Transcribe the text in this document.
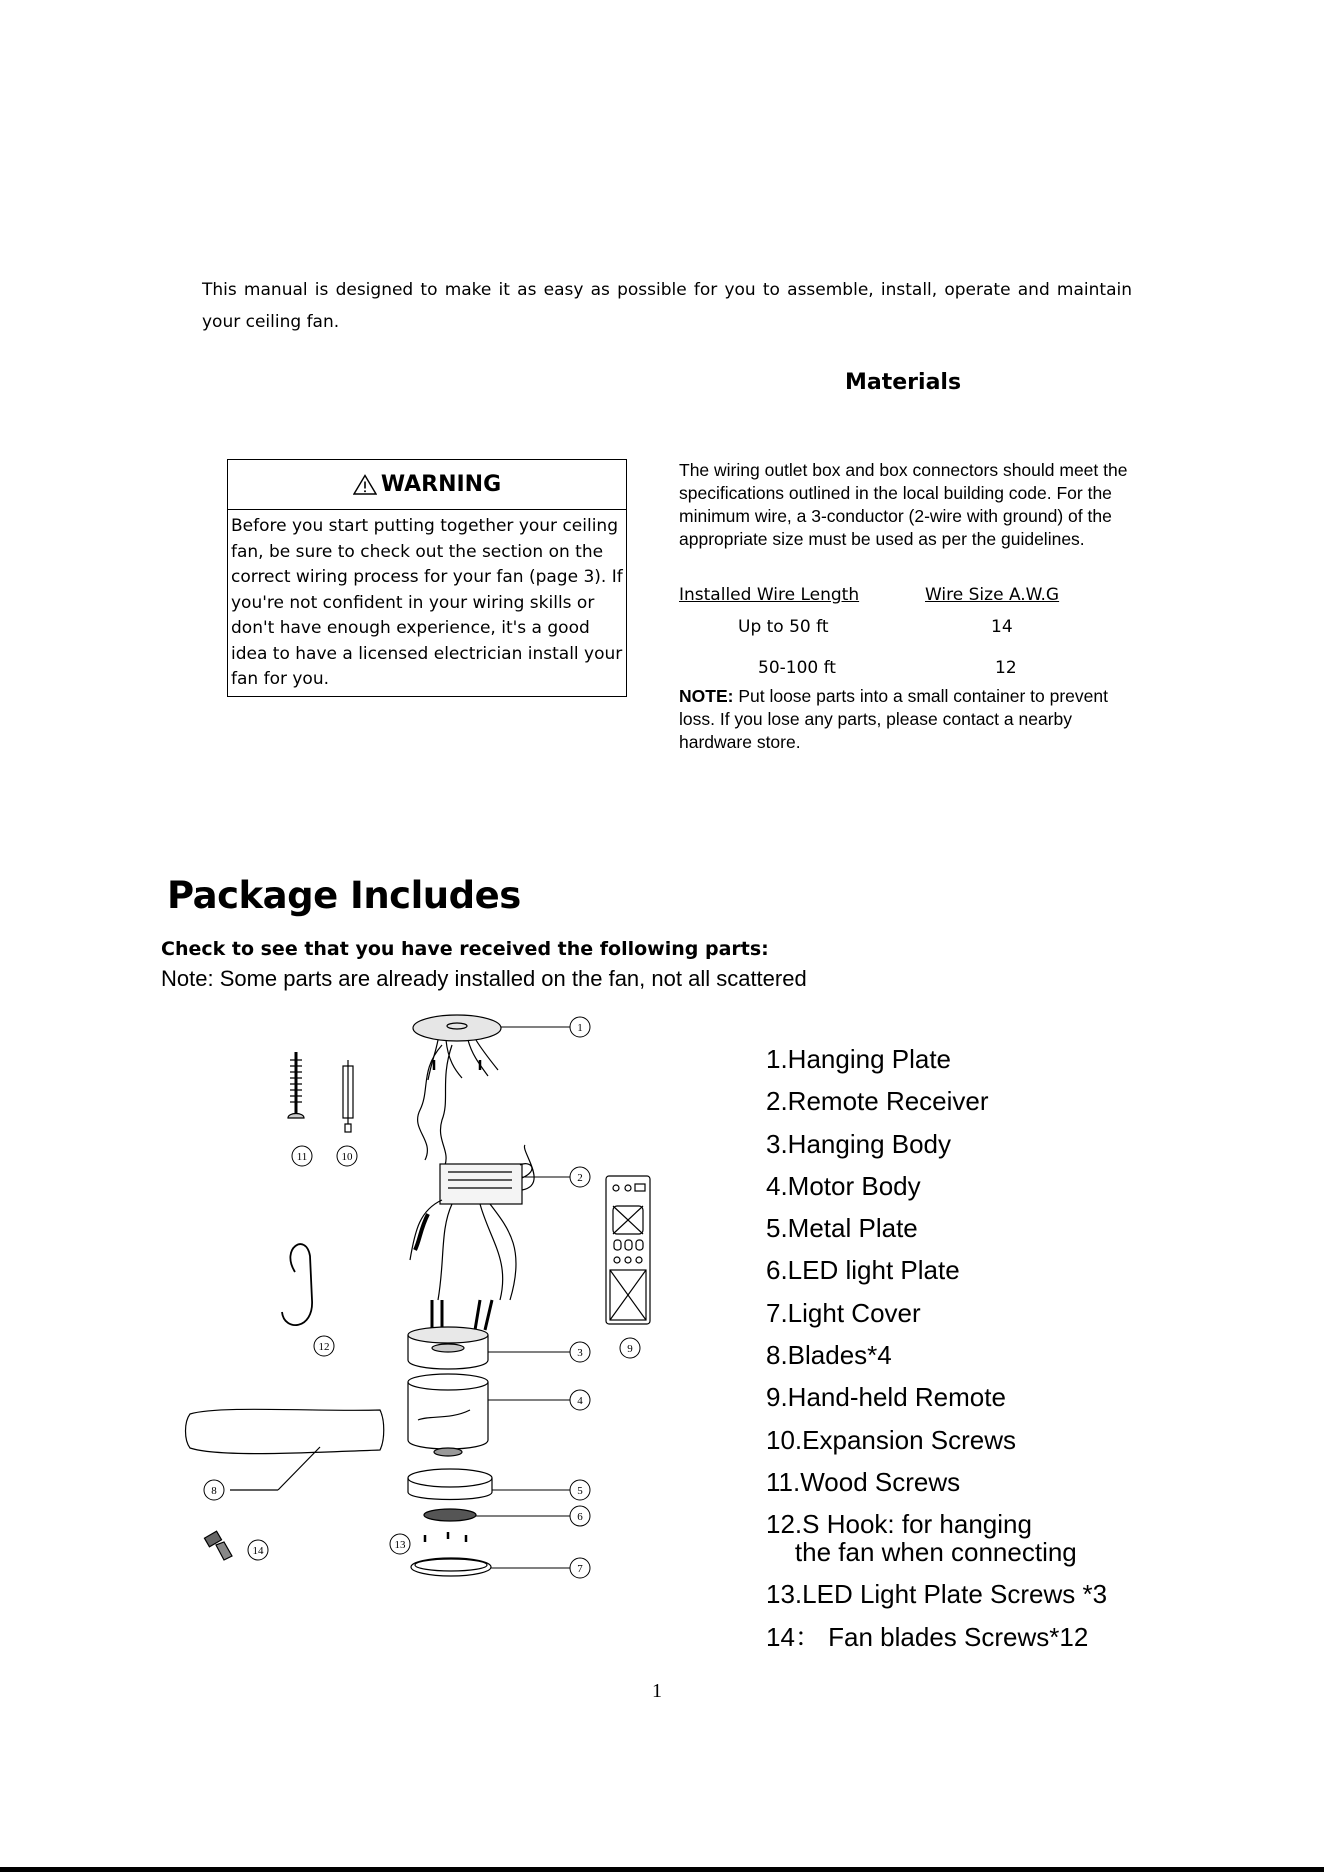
This manual is designed to make it as easy as possible for you to assemble, install, operate and maintain your ceiling fan.
Materials
WARNING
Before you start putting together your ceiling fan, be sure to check out the section on the correct wiring process for your fan (page 3). If you're not confident in your wiring skills or don't have enough experience, it's a good idea to have a licensed electrician install your fan for you.
The wiring outlet box and box connectors should meet the specifications outlined in the local building code. For the minimum wire, a 3-conductor (2-wire with ground) of the appropriate size must be used as per the guidelines.
Installed Wire Length	Wire Size A.W.G
Up to 50 ft	14
50-100 ft	12
NOTE: Put loose parts into a small container to prevent loss. If you lose any parts, please contact a nearby hardware store.
Package Includes
Check to see that you have received the following parts:
Note: Some parts are already installed on the fan, not all scattered
1
2
3
4
5
6
7
8
9
10
11
12
13
14
1.Hanging Plate
2.Remote Receiver
3.Hanging Body
4.Motor Body
5.Metal Plate
6.LED light Plate
7.Light Cover
8.Blades*4
9.Hand-held Remote
10.Expansion Screws
11.Wood Screws
12.S Hook: for hanging
the fan when connecting
13.LED Light Plate Screws *3
14： Fan blades Screws*12
1
